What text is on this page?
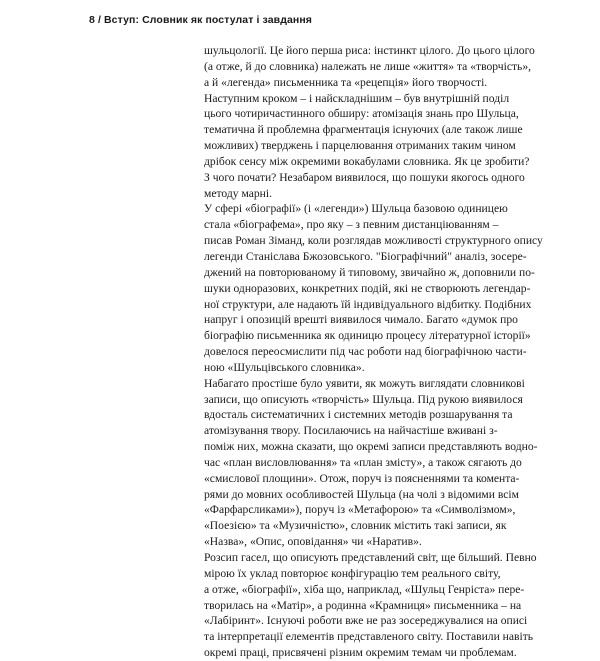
8 / Вступ: Словник як постулат і завдання
шульцології. Це його перша риса: інстинкт цілого. До цього цілого
(а отже, й до словника) належать не лише «життя» та «творчість»,
а й «легенда» письменника та «рецепція» його творчості.
Наступним кроком – і найскладнішим – був внутрішній поділ
цього чотиричастинного обширу: атомізація знань про Шульца,
тематична й проблемна фрагментація існуючих (але також лише
можливих) тверджень і парцелювання отриманих таким чином
дрібок сенсу між окремими вокабулами словника. Як це зробити?
З чого почати? Незабаром виявилося, що пошуки якогось одного
методу марні.
У сфері «біографії» (і «легенди») Шульца базовою одиницею
стала «біографема», про яку – з певним дистанціюванням –
писав Роман Зіманд, коли розглядав можливості структурного опису
легенди Станіслава Бжозовського. "Біографічний" аналіз, зосере-
джений на повторюваному й типовому, звичайно ж, доповнили по-
шуки одноразових, конкретних подій, які не створюють легендар-
ної структури, але надають їй індивідуального відбитку. Подібних
напруг і опозицій врешті виявилося чимало. Багато «думок про
біографію письменника як одиницю процесу літературної історії»
довелося переосмислити під час роботи над біографічною части-
ною «Шульцівського словника».
Набагато простіше було уявити, як можуть виглядати словникові
записи, що описують «творчість» Шульца. Під рукою виявилося
вдосталь систематичних і системних методів розшарування та
атомізування твору. Посилаючись на найчастіше вживані з-
поміж них, можна сказати, що окремі записи представляють водно-
час «план висловлювання» та «план змісту», а також сягають до
«смислової площини». Отож, поруч із поясненнями та коментa-
рями до мовних особливостей Шульца (на чолі з відомими всім
«Фарфарсликами»), поруч із «Метафорою» та «Символізмом»,
«Поезією» та «Музичністю», словник містить такі записи, як
«Назва», «Опис, оповідання» чи «Наратив».
Розсип гасел, що описують представлений світ, ще більший. Певно
мірою їх уклад повторює конфігурацію тем реального світу,
а отже, «біографії», хіба що, наприклад, «Шульц Генріста» пере-
творилась на «Матір», а родинна «Крамниця» письменника – на
«Лабіринт». Існуючі роботи вже не раз зосереджувалися на описі
та інтерпретації елементів представленого світу. Поставили навіть
окремі праці, присвячені різним окремим темам чи проблемам.
